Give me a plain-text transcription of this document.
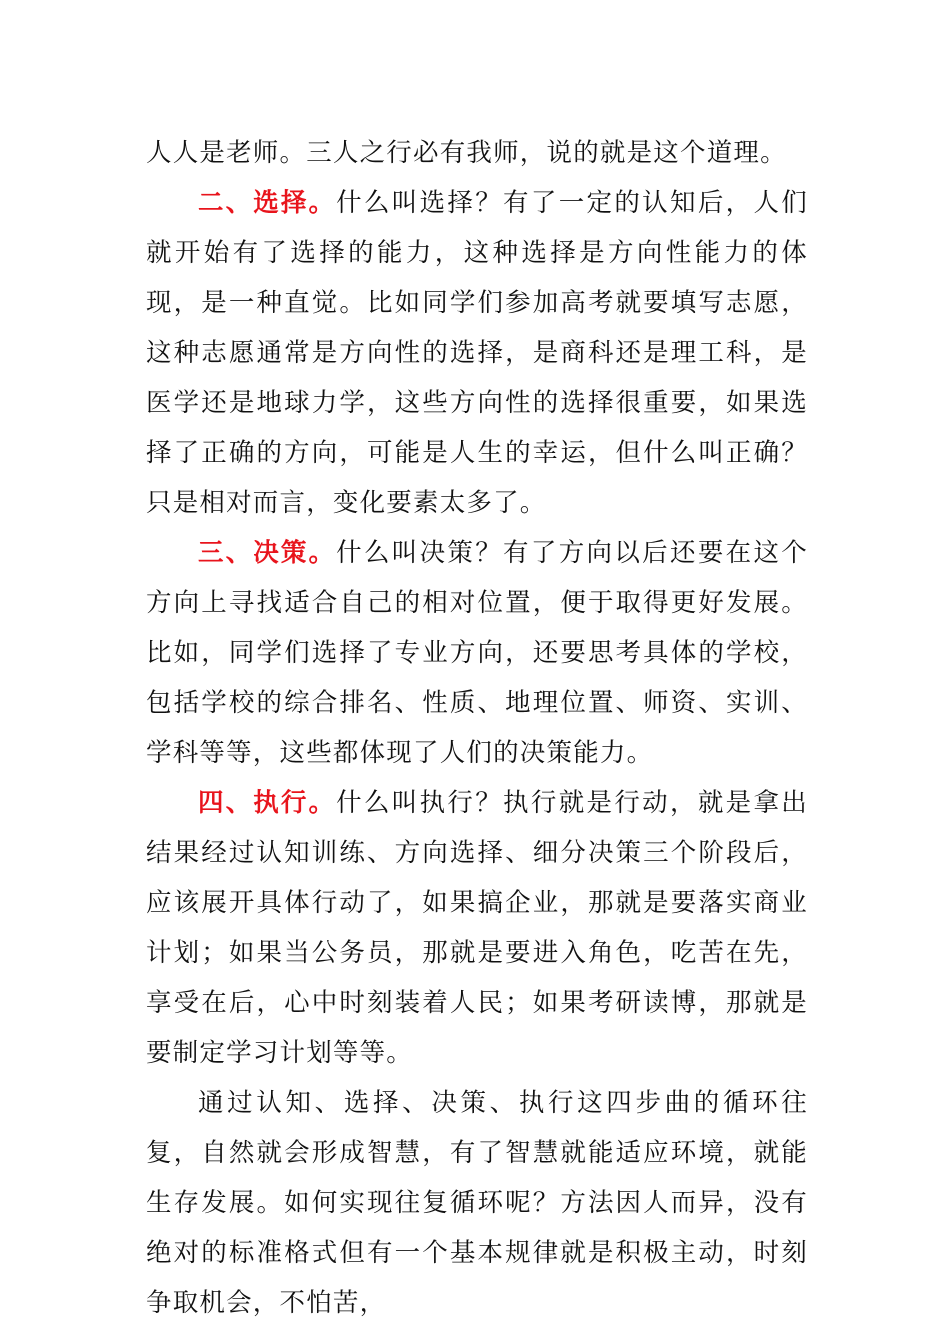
人人是老师。三人之行必有我师，说的就是这个道理。

二、选择。什么叫选择？有了一定的认知后，人们就开始有了选择的能力，这种选择是方向性能力的体现，是一种直觉。比如同学们参加高考就要填写志愿，这种志愿通常是方向性的选择，是商科还是理工科，是医学还是地球力学，这些方向性的选择很重要，如果选择了正确的方向，可能是人生的幸运，但什么叫正确？只是相对而言，变化要素太多了。

三、决策。什么叫决策？有了方向以后还要在这个方向上寻找适合自己的相对位置，便于取得更好发展。比如，同学们选择了专业方向，还要思考具体的学校，包括学校的综合排名、性质、地理位置、师资、实训、学科等等，这些都体现了人们的决策能力。

四、执行。什么叫执行？执行就是行动，就是拿出结果经过认知训练、方向选择、细分决策三个阶段后，应该展开具体行动了，如果搞企业，那就是要落实商业计划；如果当公务员，那就是要进入角色，吃苦在先，享受在后，心中时刻装着人民；如果考研读博，那就是要制定学习计划等等。

通过认知、选择、决策、执行这四步曲的循环往复，自然就会形成智慧，有了智慧就能适应环境，就能生存发展。如何实现往复循环呢？方法因人而异，没有绝对的标准格式但有一个基本规律就是积极主动，时刻争取机会，不怕苦，
